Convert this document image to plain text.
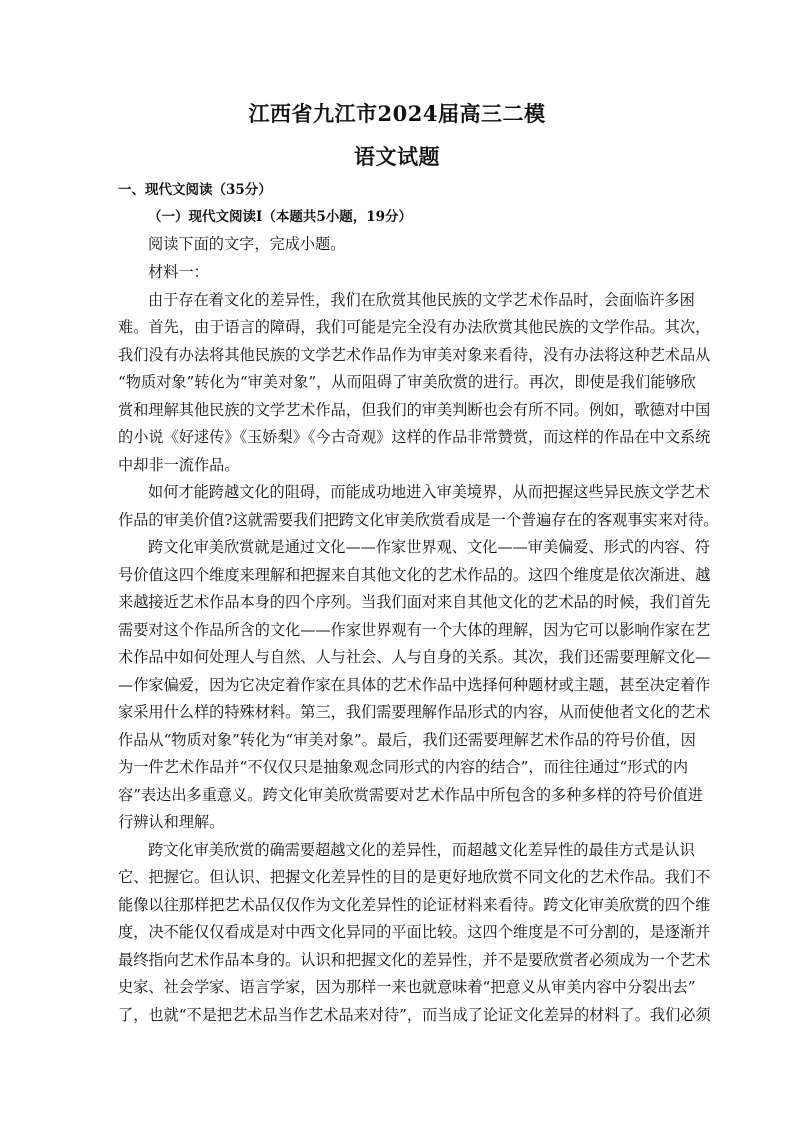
江西省九江市2024届高三二模
语文试题
一、现代文阅读（35分）
（一）现代文阅读Ⅰ（本题共5小题，19分）
阅读下面的文字，完成小题。
材料一：
由于存在着文化的差异性，我们在欣赏其他民族的文学艺术作品时，会面临许多困
难。首先，由于语言的障碍，我们可能是完全没有办法欣赏其他民族的文学作品。其次，
我们没有办法将其他民族的文学艺术作品作为审美对象来看待，没有办法将这种艺术品从
“物质对象”转化为“审美对象”，从而阻碍了审美欣赏的进行。再次，即使是我们能够欣
赏和理解其他民族的文学艺术作品，但我们的审美判断也会有所不同。例如，歌德对中国
的小说《好逑传》《玉娇梨》《今古奇观》这样的作品非常赞赏，而这样的作品在中文系统
中却非一流作品。
如何才能跨越文化的阻碍，而能成功地进入审美境界，从而把握这些异民族文学艺术
作品的审美价值?这就需要我们把跨文化审美欣赏看成是一个普遍存在的客观事实来对待。
跨文化审美欣赏就是通过文化——作家世界观、文化——审美偏爱、形式的内容、符
号价值这四个维度来理解和把握来自其他文化的艺术作品的。这四个维度是依次渐进、越
来越接近艺术作品本身的四个序列。当我们面对来自其他文化的艺术品的时候，我们首先
需要对这个作品所含的文化——作家世界观有一个大体的理解，因为它可以影响作家在艺
术作品中如何处理人与自然、人与社会、人与自身的关系。其次，我们还需要理解文化—
—作家偏爱，因为它决定着作家在具体的艺术作品中选择何种题材或主题，甚至决定着作
家采用什么样的特殊材料。第三，我们需要理解作品形式的内容，从而使他者文化的艺术
作品从“物质对象”转化为“审美对象”。最后，我们还需要理解艺术作品的符号价值，因
为一件艺术作品并“不仅仅只是抽象观念同形式的内容的结合”，而往往通过“形式的内
容”表达出多重意义。跨文化审美欣赏需要对艺术作品中所包含的多种多样的符号价值进
行辨认和理解。
跨文化审美欣赏的确需要超越文化的差异性，而超越文化差异性的最佳方式是认识
它、把握它。但认识、把握文化差异性的目的是更好地欣赏不同文化的艺术作品。我们不
能像以往那样把艺术品仅仅作为文化差异性的论证材料来看待。跨文化审美欣赏的四个维
度，决不能仅仅看成是对中西文化异同的平面比较。这四个维度是不可分割的，是逐渐并
最终指向艺术作品本身的。认识和把握文化的差异性，并不是要欣赏者必须成为一个艺术
史家、社会学家、语言学家，因为那样一来也就意味着“把意义从审美内容中分裂出去”
了，也就“不是把艺术品当作艺术品来对待”，而当成了论证文化差异的材料了。我们必须
